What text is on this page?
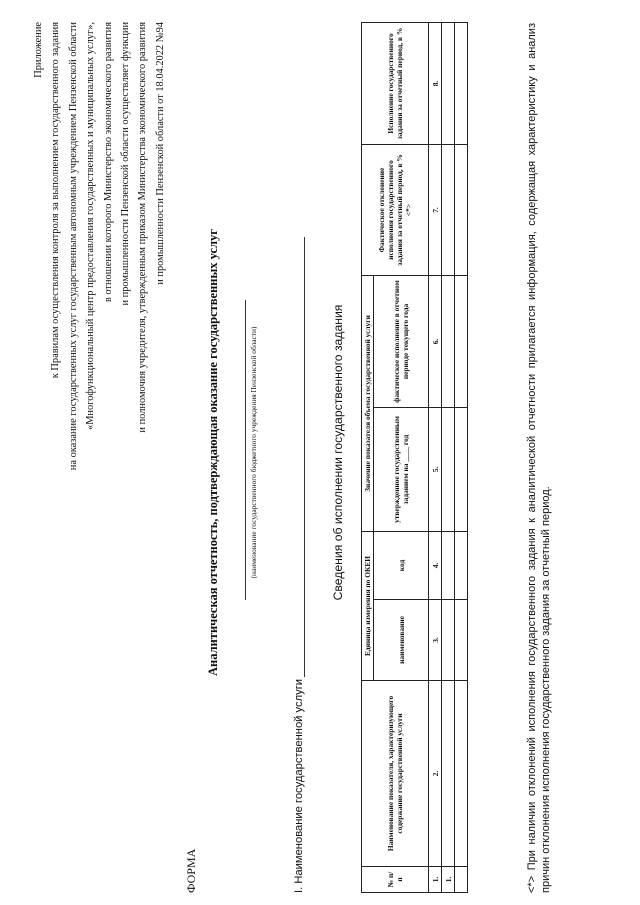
Приложение к Правилам осуществления контроля за выполнением государственного задания на оказание государственных услуг государственным автономным учреждением Пензенской области «Многофункциональный центр предоставления государственных и муниципальных услуг», в отношении которого Министерство экономического развития и промышленности Пензенской области осуществляет функции и полномочия учредителя, утвержденным приказом Министерства экономического развития и промышленности Пензенской области от 18.04.2022 №94
ФОРМА
Аналитическая отчетность, подтверждающая оказание государственных услуг	(наименование государственного бюджетного учреждения Пензенской области)
I. Наименование государственной услуги
Сведения об исполнении государственного задания
№ п/п	Наименование показателя, характеризующего содержание государственной услуги	Единица измерения по ОКЕИ		Значение показателя объема государственной услуги		Фактическое отклонение исполнения государственного задания за отчетный период, в % <*>	Исполнение государственного задания за отчетный период, в %
		наименование	код	утвержденное государственным заданием на ____ год	фактическое исполнение в отчетном периоде текущего года		
1.	2.	3.	4.	5.	6.	7.	8.
1.							
								<*> При наличии отклонений исполнения государственного задания к аналитической отчетности прилагается информация, содержащая характеристику и анализ причин отклонения исполнения государственного задания за отчетный период.
